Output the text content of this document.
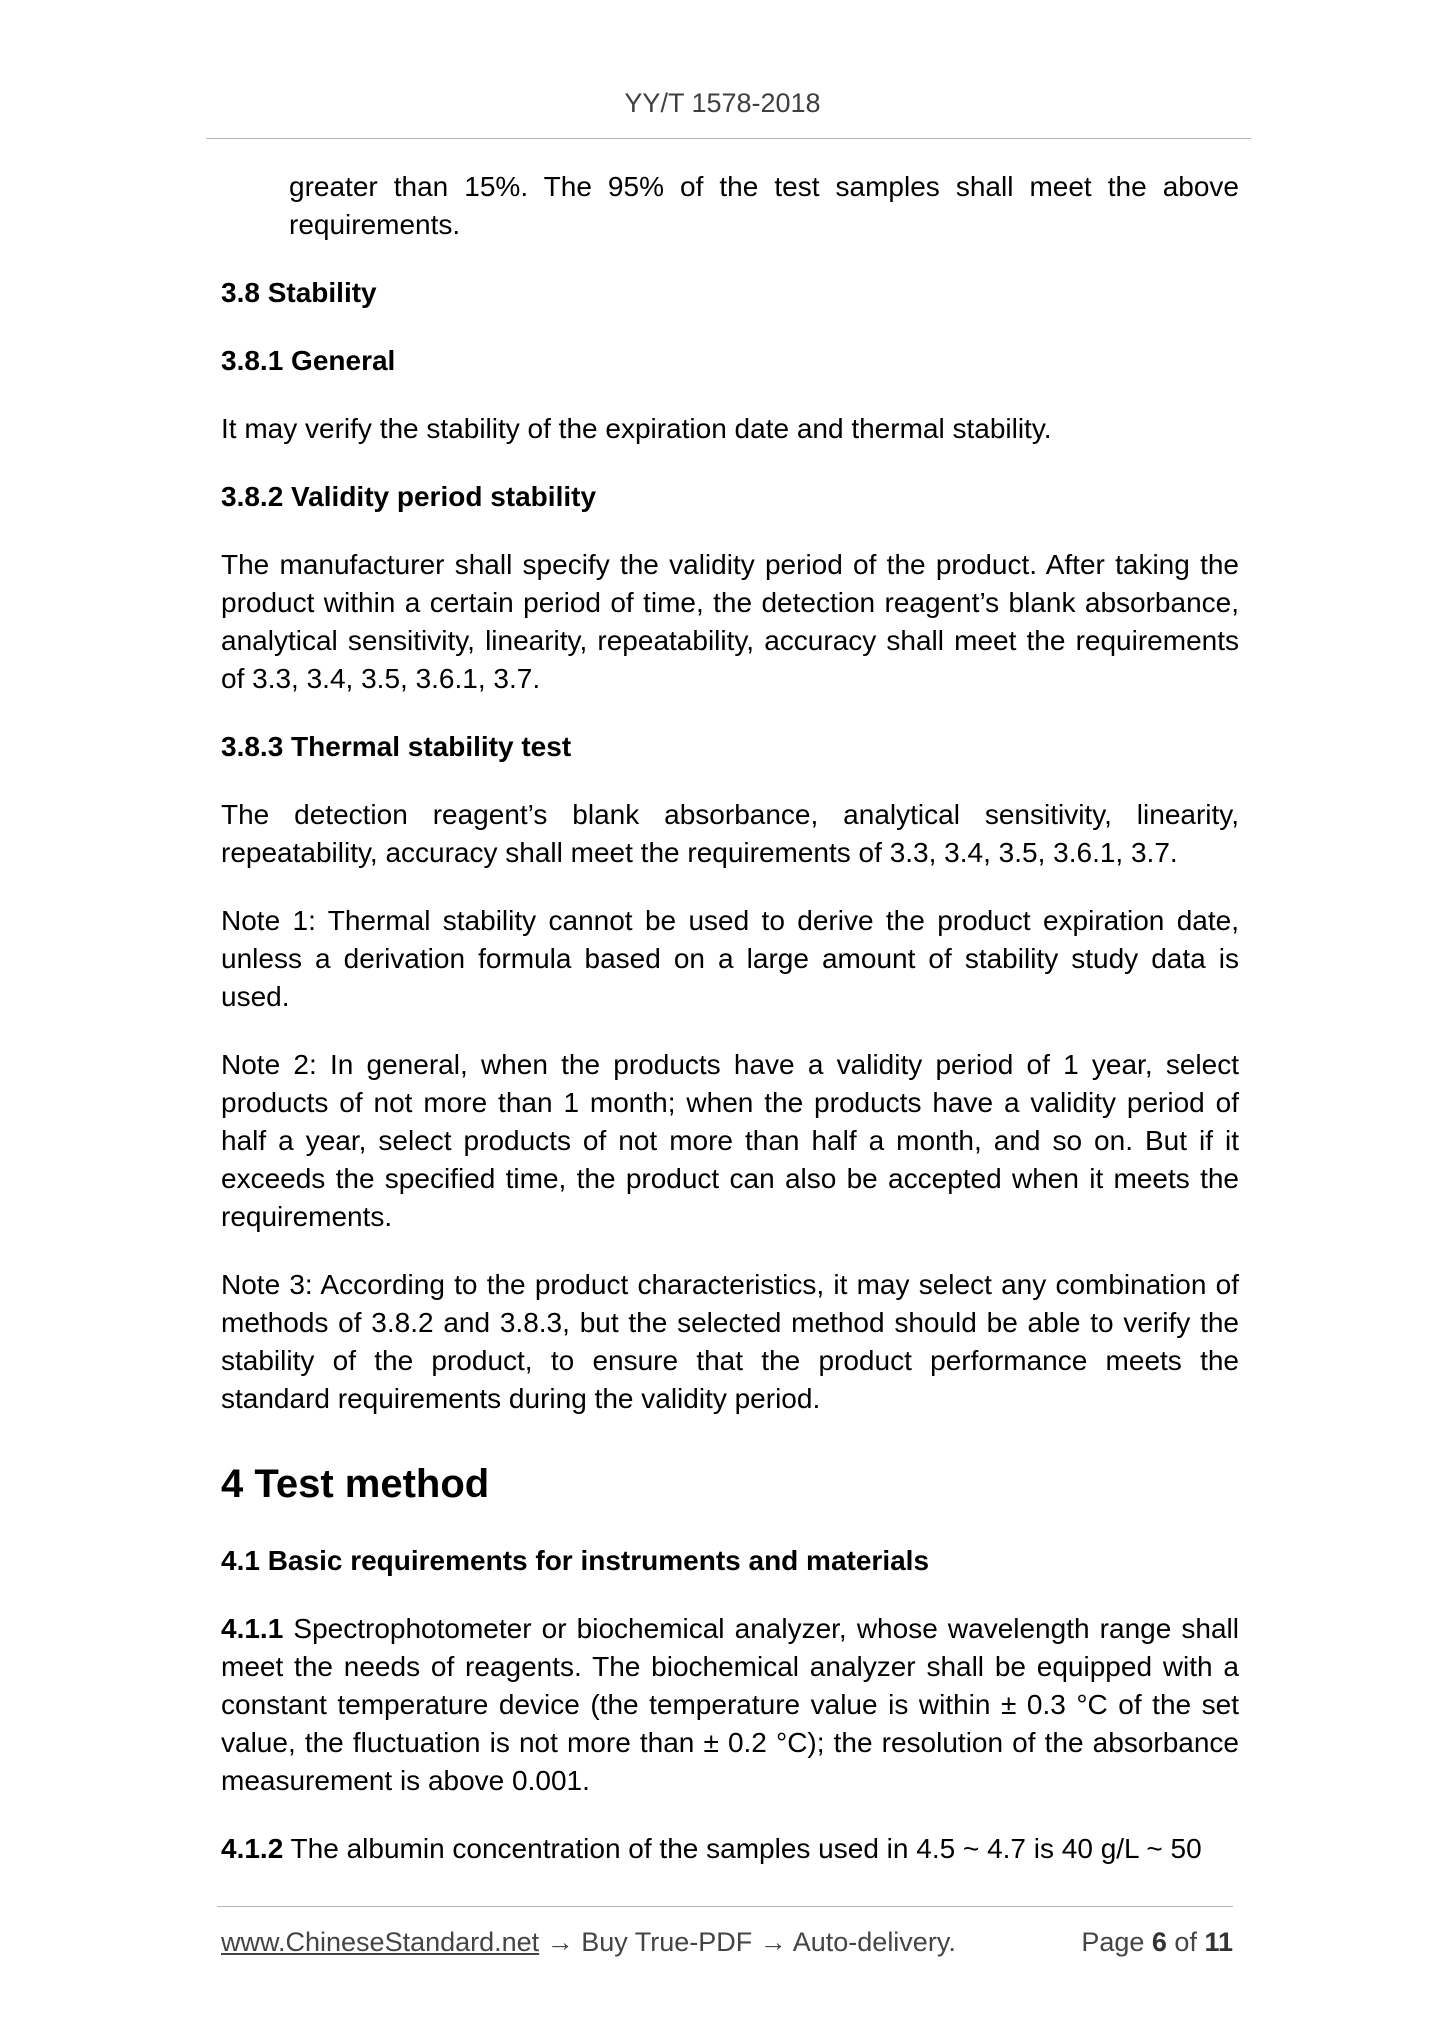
YY/T 1578-2018

greater than 15%. The 95% of the test samples shall meet the above requirements.

3.8 Stability
3.8.1 General

It may verify the stability of the expiration date and thermal stability.

3.8.2 Validity period stability

The manufacturer shall specify the validity period of the product. After taking the product within a certain period of time, the detection reagent’s blank absorbance, analytical sensitivity, linearity, repeatability, accuracy shall meet the requirements of 3.3, 3.4, 3.5, 3.6.1, 3.7.

3.8.3 Thermal stability test

The detection reagent’s blank absorbance, analytical sensitivity, linearity, repeatability, accuracy shall meet the requirements of 3.3, 3.4, 3.5, 3.6.1, 3.7.

Note 1: Thermal stability cannot be used to derive the product expiration date, unless a derivation formula based on a large amount of stability study data is used.

Note 2: In general, when the products have a validity period of 1 year, select products of not more than 1 month; when the products have a validity period of half a year, select products of not more than half a month, and so on. But if it exceeds the specified time, the product can also be accepted when it meets the requirements.

Note 3: According to the product characteristics, it may select any combination of methods of 3.8.2 and 3.8.3, but the selected method should be able to verify the stability of the product, to ensure that the product performance meets the standard requirements during the validity period.

4 Test method
4.1 Basic requirements for instruments and materials

4.1.1 Spectrophotometer or biochemical analyzer, whose wavelength range shall meet the needs of reagents. The biochemical analyzer shall be equipped with a constant temperature device (the temperature value is within ± 0.3 °C of the set value, the fluctuation is not more than ± 0.2 °C); the resolution of the absorbance measurement is above 0.001.

4.1.2 The albumin concentration of the samples used in 4.5 ~ 4.7 is 40 g/L ~ 50

www.ChineseStandard.net → Buy True-PDF → Auto-delivery.	Page 6 of 11
